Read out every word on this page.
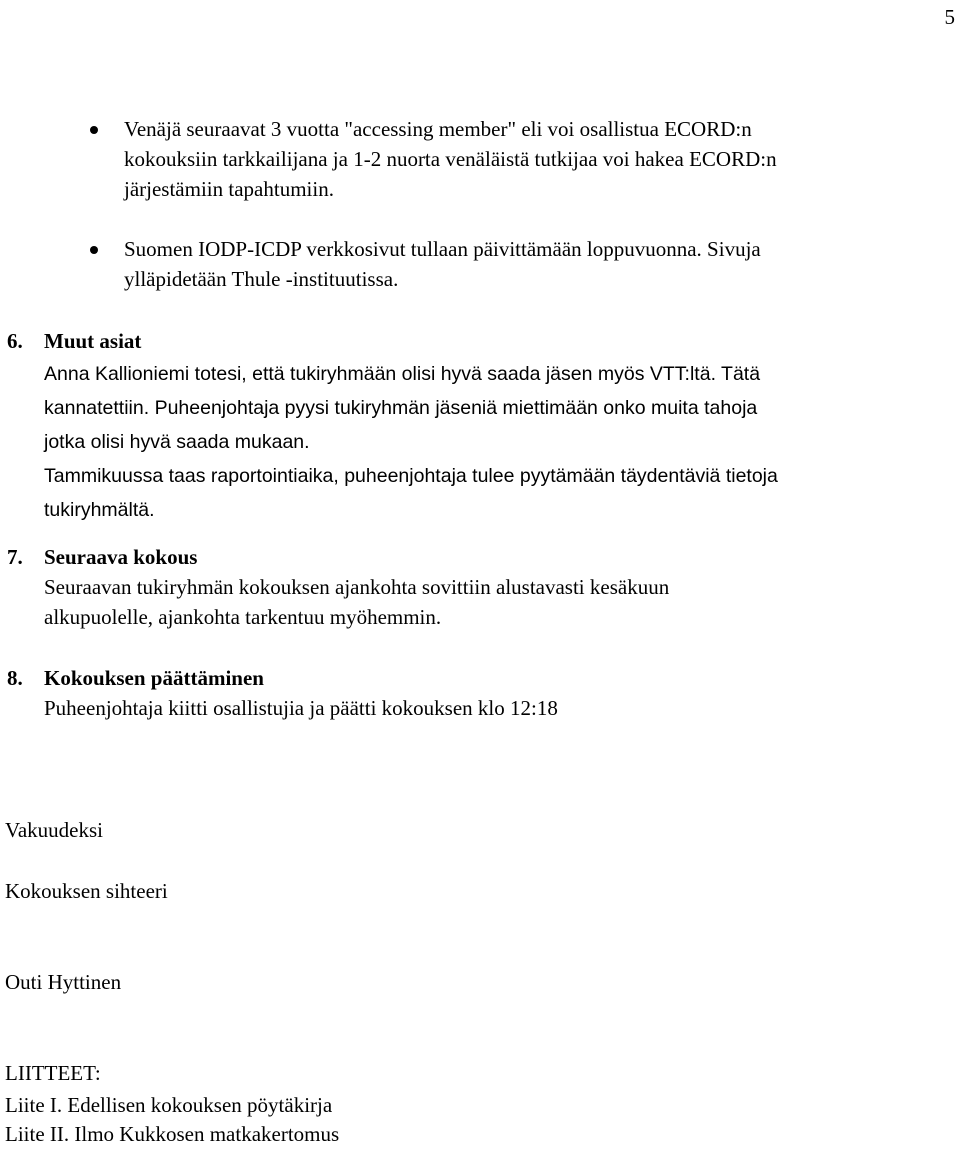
5
Venäjä seuraavat 3 vuotta "accessing member" eli voi osallistua ECORD:n
kokouksiin tarkkailijana ja 1-2 nuorta venäläistä tutkijaa voi hakea ECORD:n
järjestämiin tapahtumiin.
Suomen IODP-ICDP verkkosivut tullaan päivittämään loppuvuonna. Sivuja
ylläpidetään Thule -instituutissa.
6. Muut asiat
Anna Kallioniemi totesi, että tukiryhmään olisi hyvä saada jäsen myös VTT:ltä. Tätä
kannatettiin. Puheenjohtaja pyysi tukiryhmän jäseniä miettimään onko muita tahoja
jotka olisi hyvä saada mukaan.
Tammikuussa taas raportointiaika, puheenjohtaja tulee pyytämään täydentäviä tietoja
tukiryhmältä.
7. Seuraava kokous
Seuraavan tukiryhmän kokouksen ajankohta sovittiin alustavasti kesäkuun
alkupuolelle, ajankohta tarkentuu myöhemmin.
8. Kokouksen päättäminen
Puheenjohtaja kiitti osallistujia ja päätti kokouksen klo 12:18
Vakuudeksi
Kokouksen sihteeri
Outi Hyttinen
LIITTEET:
Liite I. Edellisen kokouksen pöytäkirja
Liite II. Ilmo Kukkosen matkakertomus
